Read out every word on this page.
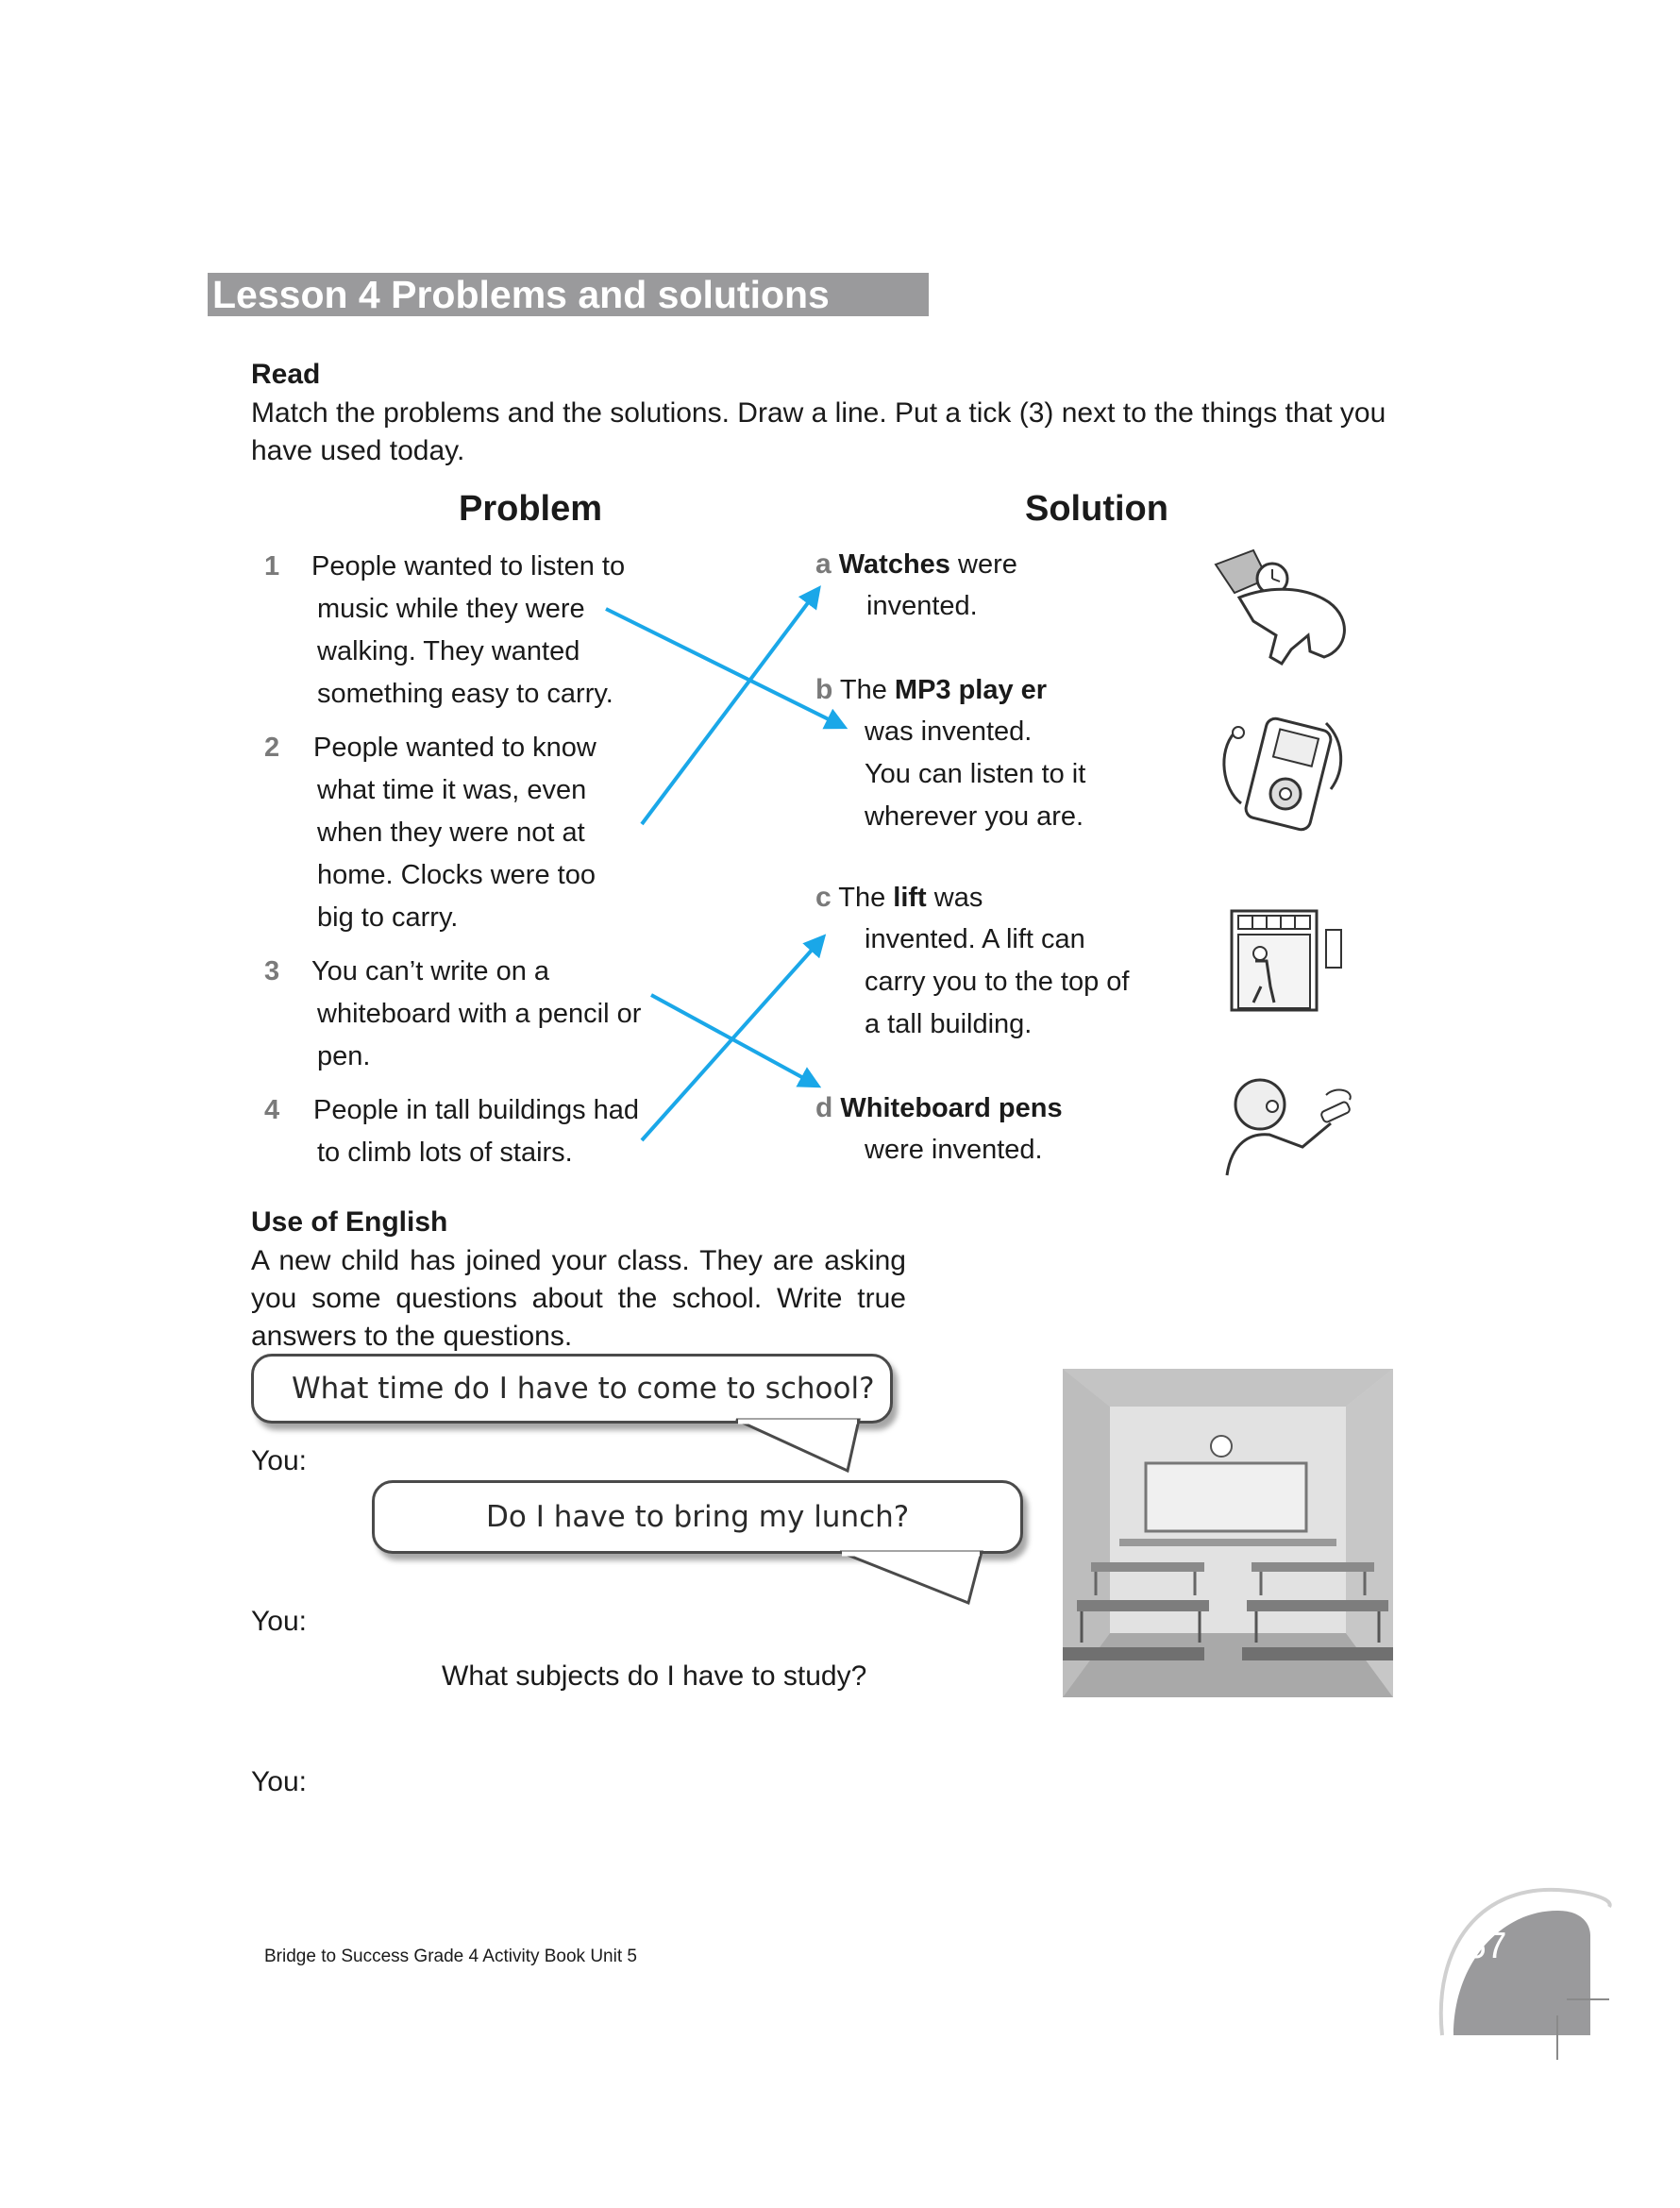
Lesson 4 Problems and solutions
Read
Match the problems and the solutions. Draw a line. Put a tick (3) next to the things that you
have used today.
Problem	Solution
1 People wanted to listen to
music while they were
walking. They wanted
something easy to carry.
2 People wanted to know
what time it was, even
when they were not at
home. Clocks were too
big to carry.
3 You can’t write on a
whiteboard with a pencil or
pen.
4 People in tall buildings had
to climb lots of stairs.
a Watches were
invented.
b The MP3 play er
was invented.
You can listen to it
wherever you are.
c The lift was
invented. A lift can
carry you to the top of
a tall building.
d Whiteboard pens
were invented.
Use of English
A new child has joined your class. They are asking
you some questions about the school. Write true
answers to the questions.
What time do I have to come to school?
You:
Do I have to bring my lunch?
You:
What subjects do I have to study?
You:
Bridge to Success Grade 4 Activity Book Unit 5	57
